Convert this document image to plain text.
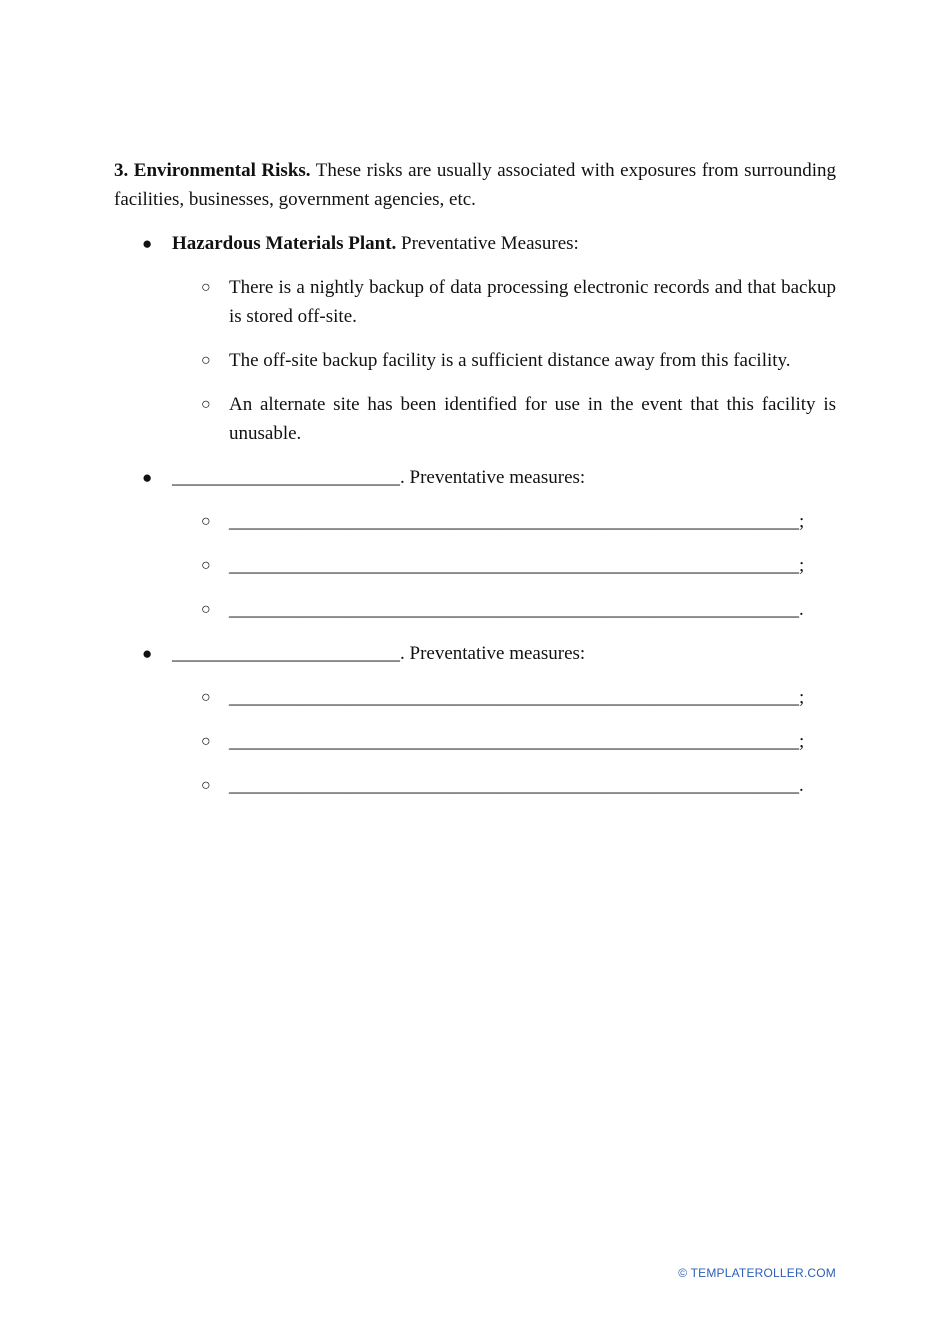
3. Environmental Risks. These risks are usually associated with exposures from surrounding facilities, businesses, government agencies, etc.

● Hazardous Materials Plant. Preventative Measures:
○ There is a nightly backup of data processing electronic records and that backup is stored off-site.
○ The off-site backup facility is a sufficient distance away from this facility.
○ An alternate site has been identified for use in the event that this facility is unusable.
● ________________________. Preventative measures:
○ ____________________________________________________________;
○ ____________________________________________________________;
○ ____________________________________________________________.
● ________________________. Preventative measures:
○ ____________________________________________________________;
○ ____________________________________________________________;
○ ____________________________________________________________.
© TEMPLATEROLLER.COM
